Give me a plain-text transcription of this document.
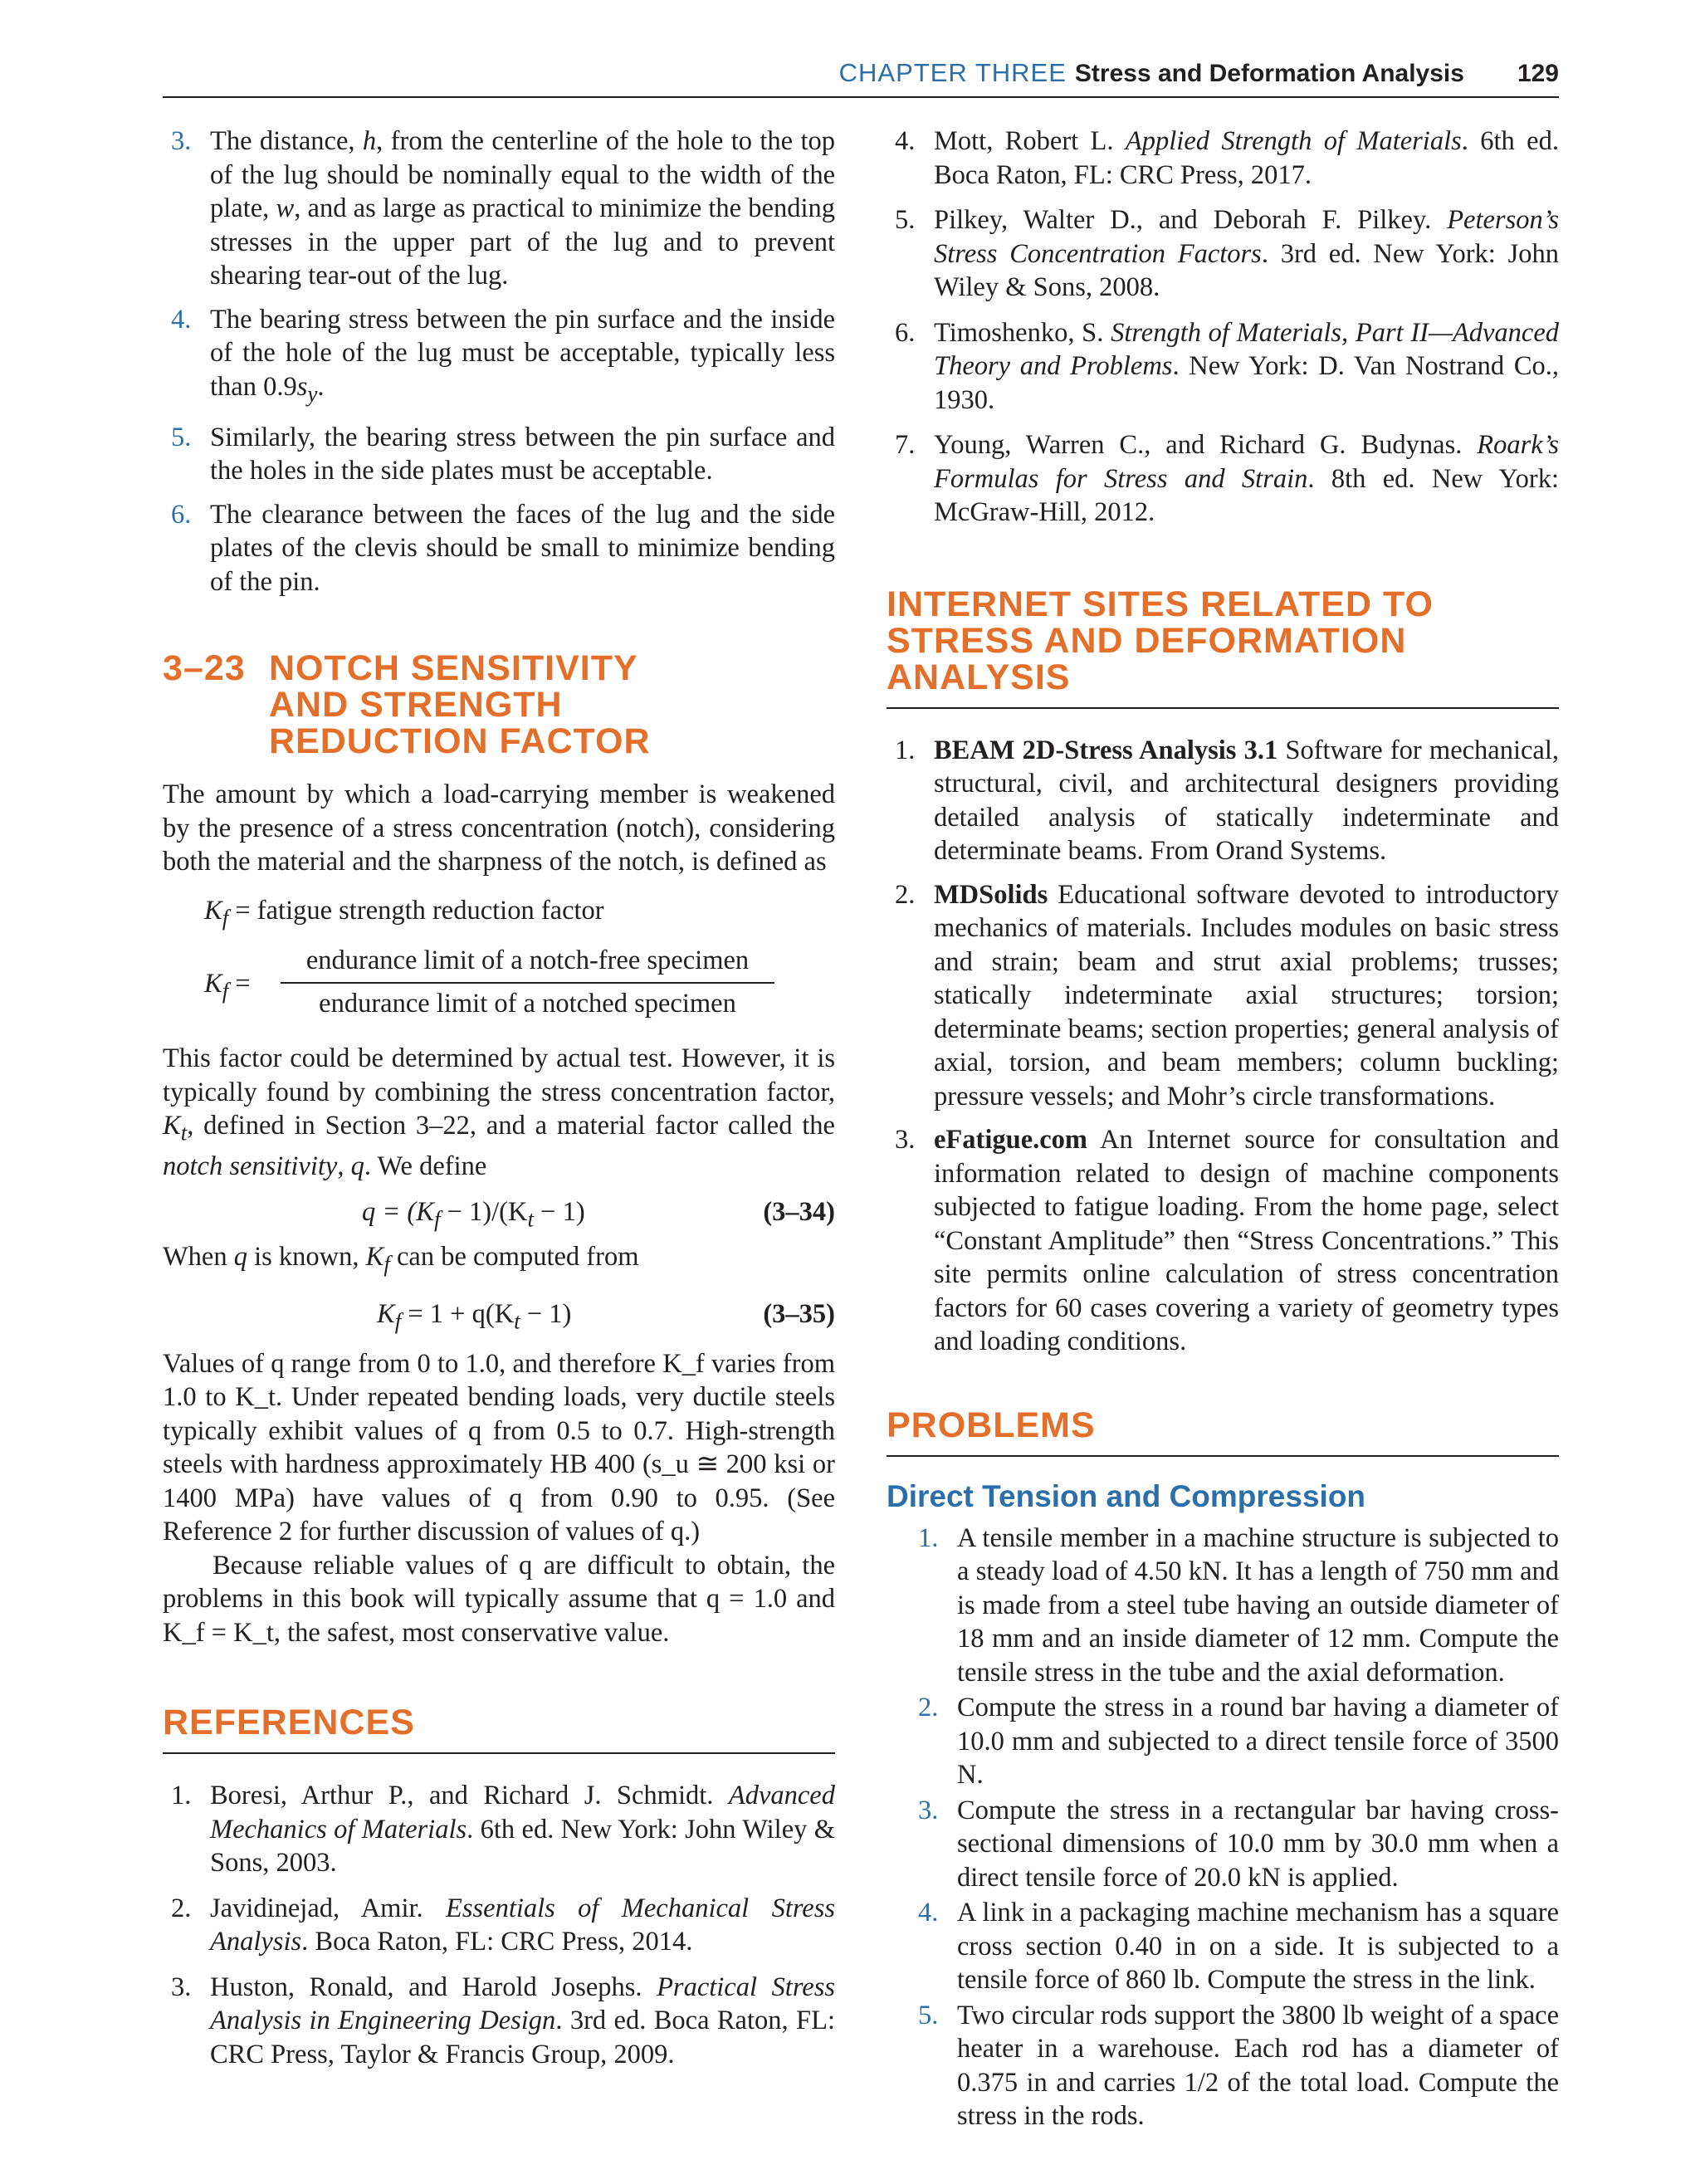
CHAPTER THREE Stress and Deformation Analysis 129
3. The distance, h, from the centerline of the hole to the top of the lug should be nominally equal to the width of the plate, w, and as large as practical to minimize the bending stresses in the upper part of the lug and to prevent shearing tear-out of the lug.
4. The bearing stress between the pin surface and the inside of the hole of the lug must be acceptable, typically less than $0.9s_y$.
5. Similarly, the bearing stress between the pin surface and the holes in the side plates must be acceptable.
6. The clearance between the faces of the lug and the side plates of the clevis should be small to minimize bending of the pin.
3–23 NOTCH SENSITIVITY
AND STRENGTH
REDUCTION FACTOR

The amount by which a load-carrying member is weakened by the presence of a stress concentration (notch), considering both the material and the sharpness of the notch, is defined as

$K_f$ = fatigue strength reduction factor
$K_f$ =
endurance limit of a notch-free specimen
endurance limit of a notched specimen

This factor could be determined by actual test. However, it is typically found by combining the stress concentration factor, $K_t$, defined in Section 3–22, and a material factor called the notch sensitivity, q. We define

$q = (K_f - 1)/(K_t - 1)$	(3–34)

When q is known, $K_f$ can be computed from

$K_f = 1 + q(K_t - 1)$	(3–35)

Values of q range from 0 to 1.0, and therefore K_f varies from 1.0 to K_t. Under repeated bending loads, very ductile steels typically exhibit values of q from 0.5 to 0.7. High-strength steels with hardness approximately HB 400 (s_u ≅ 200 ksi or 1400 MPa) have values of q from 0.90 to 0.95. (See Reference 2 for further discussion of values of q.)

Because reliable values of q are difficult to obtain, the problems in this book will typically assume that q = 1.0 and K_f = K_t, the safest, most conservative value.

REFERENCES
1. Boresi, Arthur P., and Richard J. Schmidt. Advanced Mechanics of Materials. 6th ed. New York: John Wiley & Sons, 2003.
2. Javidinejad, Amir. Essentials of Mechanical Stress Analysis. Boca Raton, FL: CRC Press, 2014.
3. Huston, Ronald, and Harold Josephs. Practical Stress Analysis in Engineering Design. 3rd ed. Boca Raton, FL: CRC Press, Taylor & Francis Group, 2009.
4. Mott, Robert L. Applied Strength of Materials. 6th ed. Boca Raton, FL: CRC Press, 2017.
5. Pilkey, Walter D., and Deborah F. Pilkey. Peterson’s Stress Concentration Factors. 3rd ed. New York: John Wiley & Sons, 2008.
6. Timoshenko, S. Strength of Materials, Part II—Advanced Theory and Problems. New York: D. Van Nostrand Co., 1930.
7. Young, Warren C., and Richard G. Budynas. Roark’s Formulas for Stress and Strain. 8th ed. New York: McGraw-Hill, 2012.
INTERNET SITES RELATED TO
STRESS AND DEFORMATION
ANALYSIS
1. BEAM 2D-Stress Analysis 3.1 Software for mechanical, structural, civil, and architectural designers providing detailed analysis of statically indeterminate and determinate beams. From Orand Systems.
2. MDSolids Educational software devoted to introductory mechanics of materials. Includes modules on basic stress and strain; beam and strut axial problems; trusses; statically indeterminate axial structures; torsion; determinate beams; section properties; general analysis of axial, torsion, and beam members; column buckling; pressure vessels; and Mohr’s circle transformations.
3. eFatigue.com An Internet source for consultation and information related to design of machine components subjected to fatigue loading. From the home page, select “Constant Amplitude” then “Stress Concentrations.” This site permits online calculation of stress concentration factors for 60 cases covering a variety of geometry types and loading conditions.
PROBLEMS
Direct Tension and Compression
1. A tensile member in a machine structure is subjected to a steady load of 4.50 kN. It has a length of 750 mm and is made from a steel tube having an outside diameter of 18 mm and an inside diameter of 12 mm. Compute the tensile stress in the tube and the axial deformation.
2. Compute the stress in a round bar having a diameter of 10.0 mm and subjected to a direct tensile force of 3500 N.
3. Compute the stress in a rectangular bar having cross-sectional dimensions of 10.0 mm by 30.0 mm when a direct tensile force of 20.0 kN is applied.
4. A link in a packaging machine mechanism has a square cross section 0.40 in on a side. It is subjected to a tensile force of 860 lb. Compute the stress in the link.
5. Two circular rods support the 3800 lb weight of a space heater in a warehouse. Each rod has a diameter of 0.375 in and carries 1/2 of the total load. Compute the stress in the rods.
